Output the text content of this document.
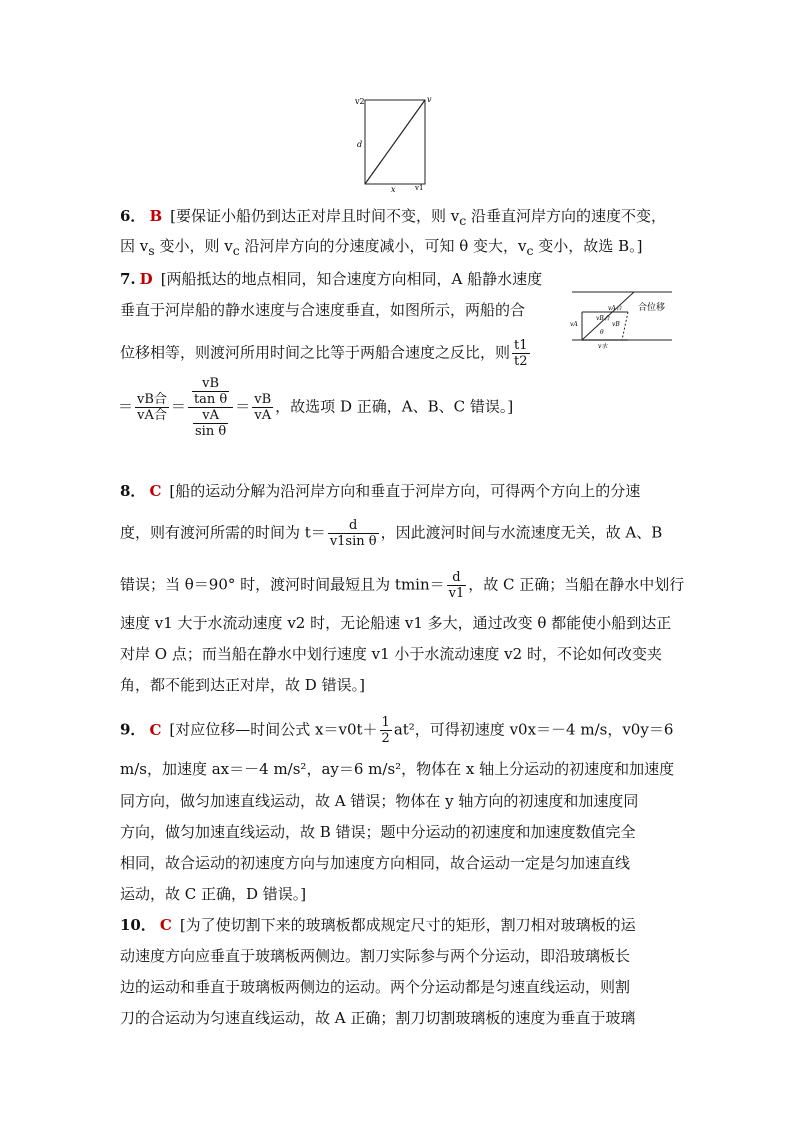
v2	v
d
x	v1
6． B [要保证小船仍到达正对岸且时间不变，则 $v_c$ 沿垂直河岸方向的速度不变，
因 $v_s$ 变小，则 $v_c$ 沿河岸方向的分速度减小，可知 θ 变大，$v_c$ 变小，故选 B。]
7. D [两船抵达的地点相同，知合速度方向相同，A 船静水速度
垂直于河岸船的静水速度与合速度垂直，如图所示，两船的合
位移相等，则渡河所用时间之比等于两船合速度之反比，则 $\frac{t1}{t2}$
vA
vA合
vB合
vB
θ
v水
合位移
＝ $\frac{\text{vB合}}{\text{vA合}} = \frac{\frac{vB}{\text{tan θ}}}{\frac{vA}{\text{sin θ}}} = \frac{vB}{vA}$ ，故选项 D 正确，A、B、C 错误。]
8． C [船的运动分解为沿河岸方向和垂直于河岸方向，可得两个方向上的分速
度，则有渡河所需的时间为 $t= \frac{d}{\text{v1sin θ}}$ ，因此渡河时间与水流速度无关，故 A、B
错误；当 θ＝90° 时，渡河时间最短且为 $tmin= \frac{d}{v1}$ ，故 C 正确；当船在静水中划行
速度 v1 大于水流动速度 v2 时，无论船速 v1 多大，通过改变 θ 都能使小船到达正
对岸 O 点；而当船在静水中划行速度 v1 小于水流动速度 v2 时，不论如何改变夹
角，都不能到达正对岸，故 D 错误。]
9． C [对应位移—时间公式 $x=v0t+ \frac{1}{2} at^2$，可得初速度 v0x＝－4 m/s，v0y＝6
m/s，加速度 ax＝－4 m/s²，ay＝6 m/s²，物体在 x 轴上分运动的初速度和加速度
同方向，做匀加速直线运动，故 A 错误；物体在 y 轴方向的初速度和加速度同
方向，做匀加速直线运动，故 B 错误；题中分运动的初速度和加速度数值完全
相同，故合运动的初速度方向与加速度方向相同，故合运动一定是匀加速直线
运动，故 C 正确，D 错误。]
10． C [为了使切割下来的玻璃板都成规定尺寸的矩形，割刀相对玻璃板的运
动速度方向应垂直于玻璃板两侧边。割刀实际参与两个分运动，即沿玻璃板长
边的运动和垂直于玻璃板两侧边的运动。两个分运动都是匀速直线运动，则割
刀的合运动为匀速直线运动，故 A 正确；割刀切割玻璃板的速度为垂直于玻璃
